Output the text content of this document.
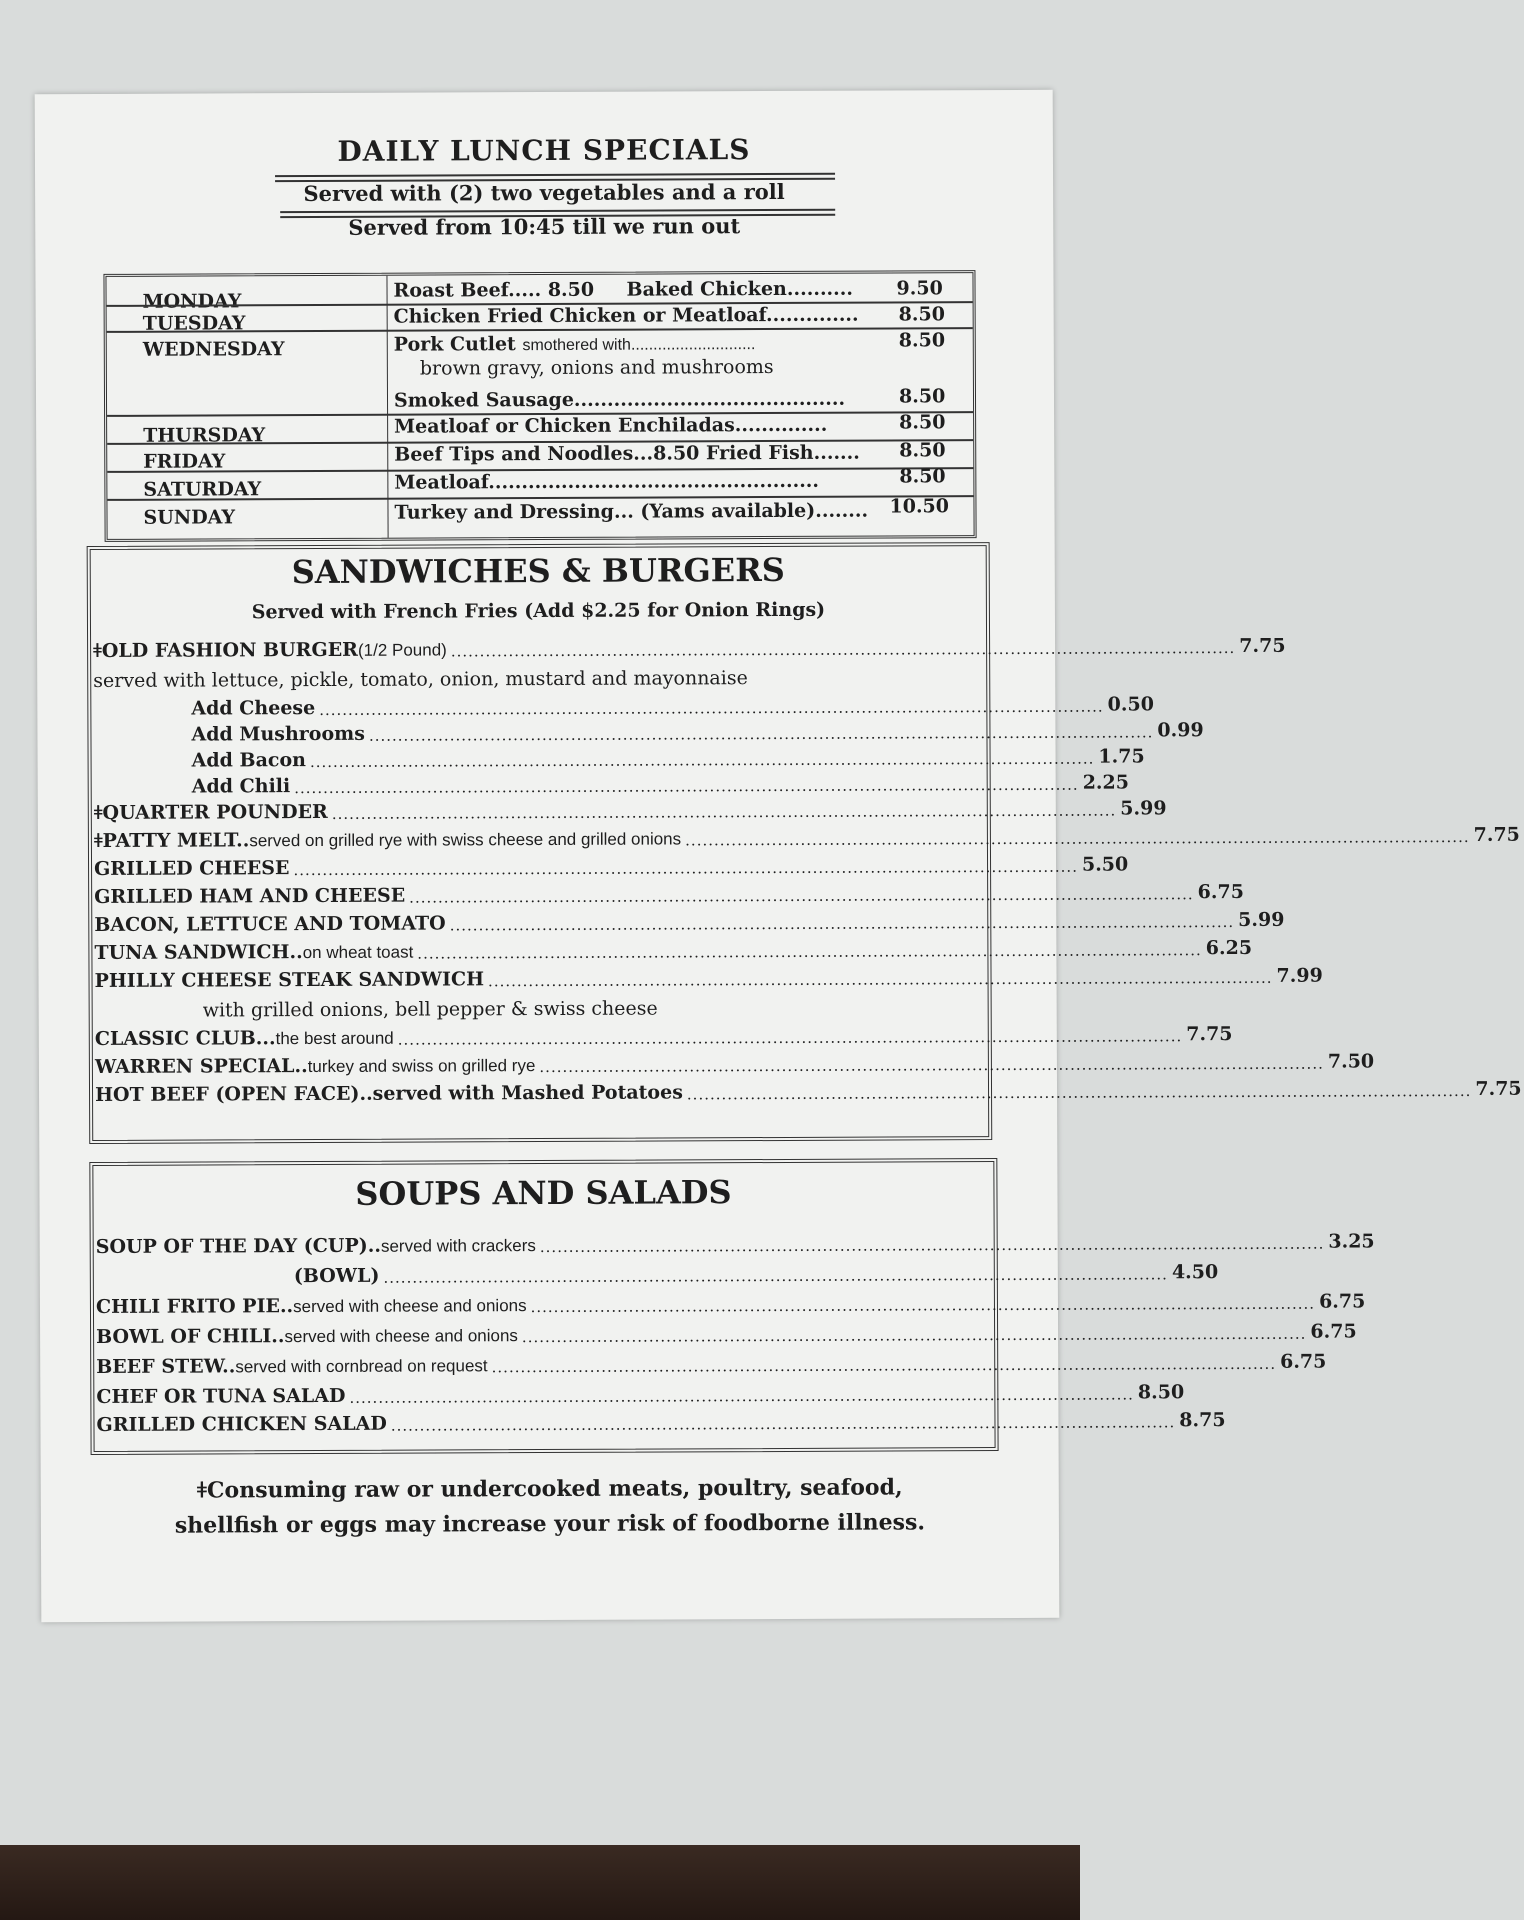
DAILY LUNCH SPECIALS
Served with (2) two vegetables and a roll
Served from 10:45 till we run out
MONDAY	Roast Beef..... 8.50 Baked Chicken.......... 9.50
TUESDAY	Chicken Fried Chicken or Meatloaf.............. 8.50
WEDNESDAY	Pork Cutlet smothered with............................	8.50
brown gravy, onions and mushrooms
Smoked Sausage.........................................	8.50
THURSDAY	Meatloaf or Chicken Enchiladas..............	8.50
FRIDAY	Beef Tips and Noodles...8.50 Fried Fish....... 8.50
SATURDAY	Meatloaf..................................................	8.50
SUNDAY	Turkey and Dressing... (Yams available)........ 10.50
SANDWICHES & BURGERS
Served with French Fries (Add $2.25 for Onion Rings)
ǂOLD FASHION BURGER (1/2 Pound) ........................................................................................................................................ 7.75
served with lettuce, pickle, tomato, onion, mustard and mayonnaise
Add Cheese ........................................................................................................................................ 0.50
Add Mushrooms ........................................................................................................................................ 0.99
Add Bacon ........................................................................................................................................ 1.75
Add Chili ........................................................................................................................................ 2.25
ǂQUARTER POUNDER ........................................................................................................................................ 5.99
ǂPATTY MELT.. served on grilled rye with swiss cheese and grilled onions ........................................................................................................................................ 7.75
GRILLED CHEESE ........................................................................................................................................ 5.50
GRILLED HAM AND CHEESE ........................................................................................................................................ 6.75
BACON, LETTUCE AND TOMATO ........................................................................................................................................ 5.99
TUNA SANDWICH.. on wheat toast ........................................................................................................................................ 6.25
PHILLY CHEESE STEAK SANDWICH ........................................................................................................................................ 7.99
with grilled onions, bell pepper & swiss cheese
CLASSIC CLUB... the best around ........................................................................................................................................ 7.75
WARREN SPECIAL.. turkey and swiss on grilled rye ........................................................................................................................................ 7.50
HOT BEEF (OPEN FACE)..served with Mashed Potatoes ........................................................................................................................................ 7.75
SOUPS AND SALADS
SOUP OF THE DAY (CUP).. served with crackers ........................................................................................................................................ 3.25
(BOWL) ........................................................................................................................................ 4.50
CHILI FRITO PIE.. served with cheese and onions ........................................................................................................................................ 6.75
BOWL OF CHILI.. served with cheese and onions ........................................................................................................................................ 6.75
BEEF STEW.. served with cornbread on request ........................................................................................................................................ 6.75
CHEF OR TUNA SALAD ........................................................................................................................................ 8.50
GRILLED CHICKEN SALAD ........................................................................................................................................ 8.75
ǂConsuming raw or undercooked meats, poultry, seafood,
shellfish or eggs may increase your risk of foodborne illness.
